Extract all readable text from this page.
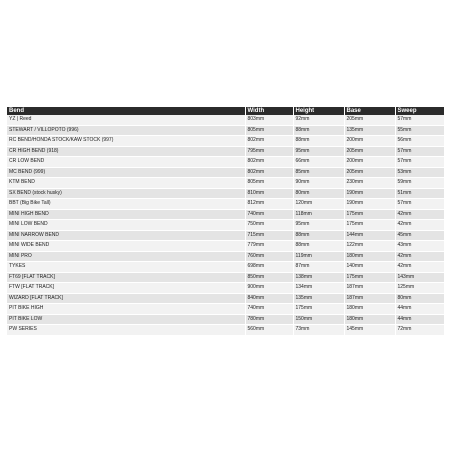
Bend	Width	Height	Base	Sweep
YZ | Reed	803mm	92mm	205mm	57mm
STEWART / VILLOPOTO (996)	805mm	88mm	135mm	55mm
RC BEND/HONDA STOCK/KAW STOCK (997)	802mm	88mm	200mm	56mm
CR HIGH BEND (918)	795mm	95mm	205mm	57mm
CR LOW BEND	802mm	66mm	200mm	57mm
MC BEND (999)	802mm	85mm	205mm	53mm
KTM BEND	805mm	90mm	230mm	59mm
SX BEND (stock husky)	810mm	80mm	190mm	51mm
BBT (Big Bike Tall)	812mm	120mm	190mm	57mm
MINI HIGH BEND	740mm	118mm	175mm	42mm
MINI LOW BEND	750mm	95mm	175mm	42mm
MINI NARROW BEND	715mm	88mm	144mm	45mm
MINI WIDE BEND	779mm	88mm	122mm	43mm
MINI PRO	760mm	119mm	180mm	42mm
TYKES	698mm	87mm	140mm	42mm
FT69 [FLAT TRACK]	850mm	138mm	175mm	143mm
FTW [FLAT TRACK]	900mm	134mm	187mm	125mm
WIZARD [FLAT TRACK]	840mm	135mm	187mm	80mm
PIT BIKE HIGH	740mm	175mm	180mm	44mm
PIT BIKE LOW	780mm	150mm	180mm	44mm
PW SERIES	560mm	73mm	145mm	72mm
